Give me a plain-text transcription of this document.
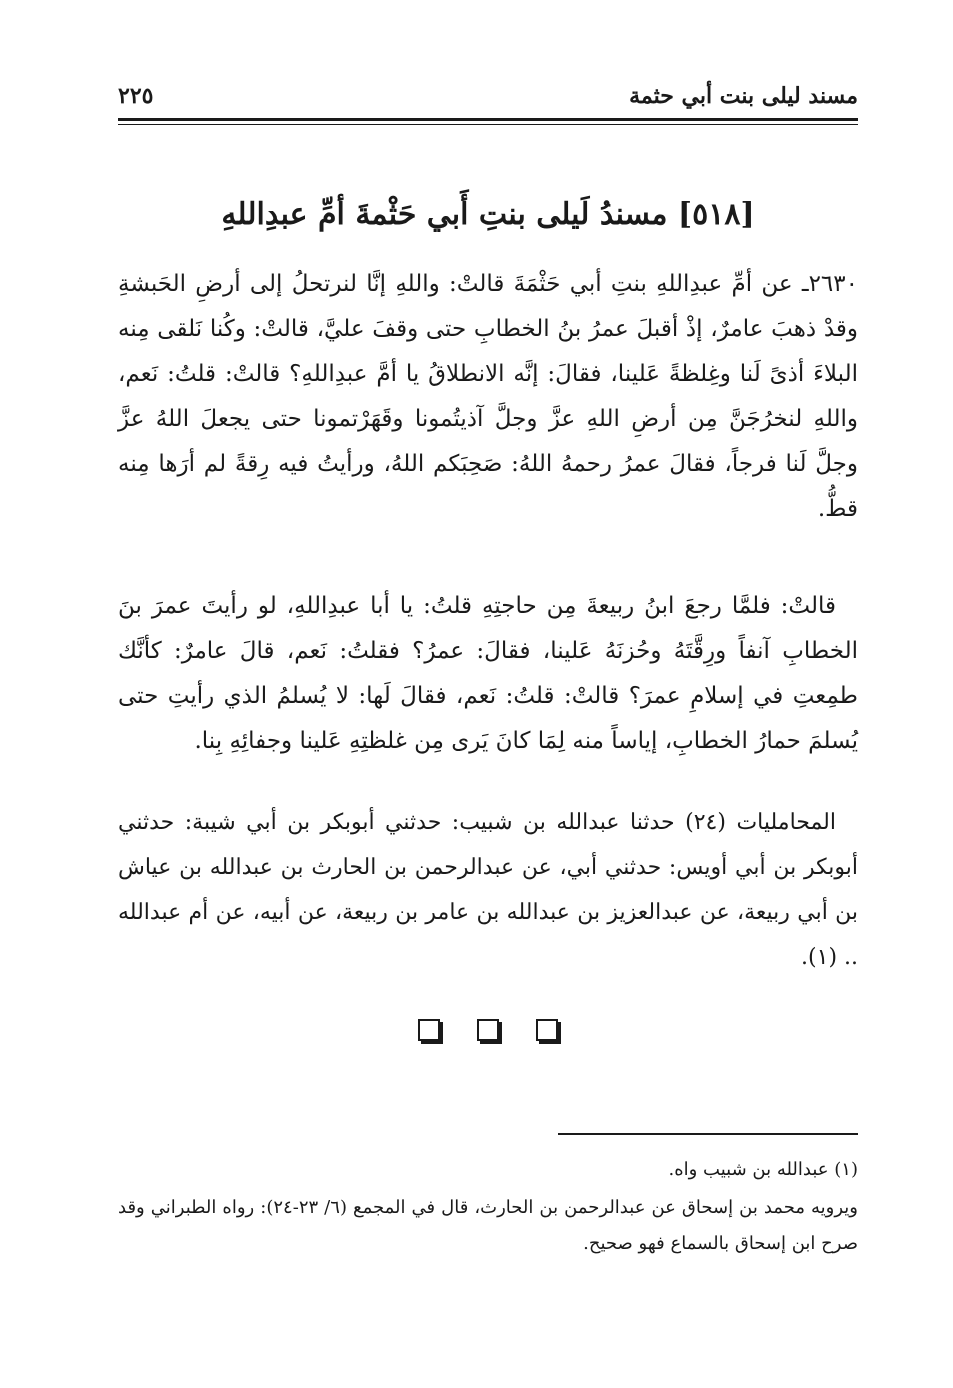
مسند ليلى بنت أبي حثمة
٢٢٥
[٥١٨] مسندُ لَيلى بنتِ أَبي حَثْمةَ أمِّ عبدِاللهِ

٢٦٣٠ـ عن أمِّ عبدِاللهِ بنتِ أبي حَثْمَةَ قالتْ: واللهِ إنَّا لنرتحلُ إلى أرضِ الحَبشةِ وقدْ ذهبَ عامرٌ، إذْ أقبلَ عمرُ بنُ الخطابِ حتى وقفَ عليَّ، قالتْ: وكُنا نَلقى مِنه البلاءَ أذىً لَنا وغِلظةً عَلينا، فقالَ: إنَّه الانطلاقُ يا أمَّ عبدِاللهِ؟ قالتْ: قلتُ: نَعم، واللهِ لنخرُجَنَّ مِن أرضِ اللهِ عزَّ وجلَّ آذيتُمونا وقَهَرْتمونا حتى يجعلَ اللهُ عزَّ وجلَّ لَنا فرجاً، فقالَ عمرُ رحمهُ اللهُ: صَحِبَكم اللهُ، ورأيتُ فيه رِقةً لم أرَها مِنه قطُّ.

قالتْ: فلمَّا رجعَ ابنُ ربيعةَ مِن حاجتِهِ قلتُ: يا أبا عبدِاللهِ، لو رأيتَ عمرَ بنَ الخطابِ آنفاً ورِقَّتَهُ وحُزنَهُ عَلينا، فقالَ: عمرُ؟ فقلتُ: نَعم، قالَ عامرٌ: كأنَّك طمِعتِ في إسلامِ عمرَ؟ قالتْ: قلتُ: نَعم، فقالَ لَها: لا يُسلمُ الذي رأيتِ حتى يُسلمَ حمارُ الخطابِ، إياساً منه لِمَا كانَ يَرى مِن غلظتِهِ عَلينا وجفائِهِ بِنا.

المحامليات (٢٤) حدثنا عبدالله بن شبيب: حدثني أبوبكر بن أبي شيبة: حدثني أبوبكر بن أبي أويس: حدثني أبي، عن عبدالرحمن بن الحارث بن عبدالله بن عياش بن أبي ربيعة، عن عبدالعزيز بن عبدالله بن عامر بن ربيعة، عن أبيه، عن أم عبدالله .. (١).

(١) عبدالله بن شبيب واه.

ويرويه محمد بن إسحاق عن عبدالرحمن بن الحارث، قال في المجمع (٦/ ٢٣-٢٤): رواه الطبراني وقد صرح ابن إسحاق بالسماع فهو صحيح.
